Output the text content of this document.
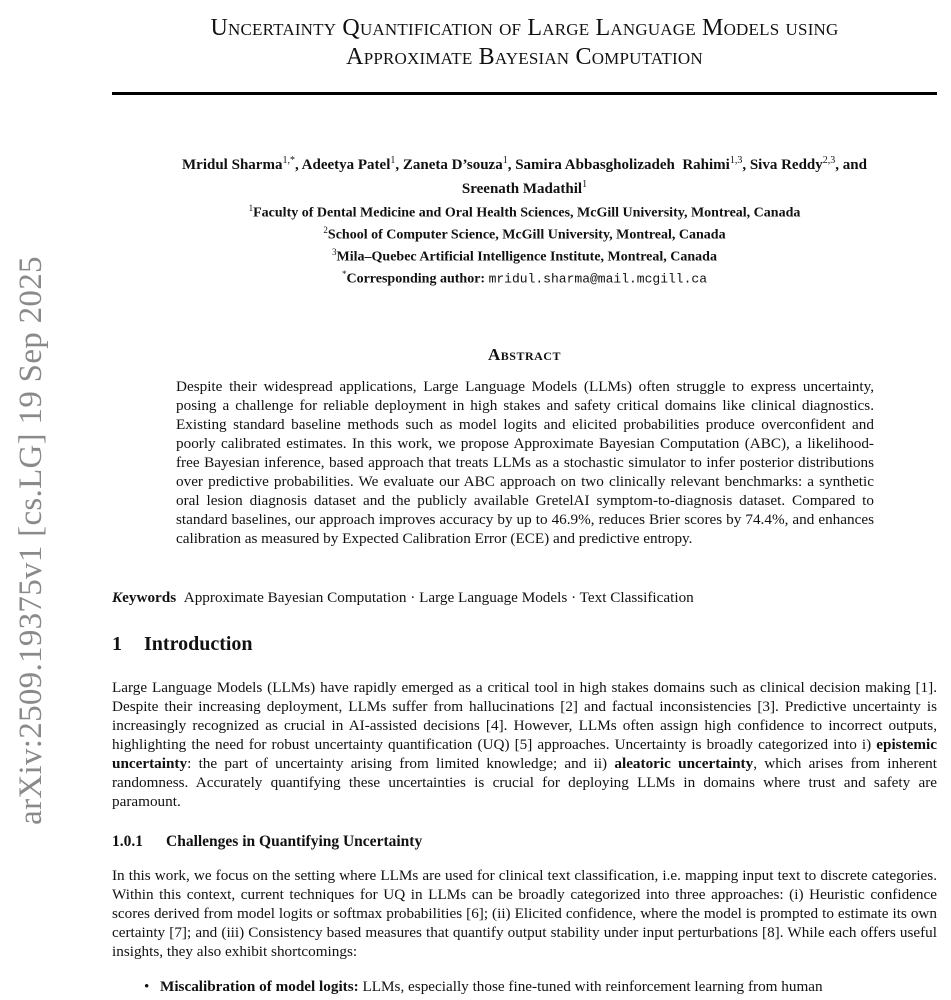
arXiv:2509.19375v1 [cs.LG] 19 Sep 2025
Uncertainty Quantification of Large Language Models using
Approximate Bayesian Computation
Mridul Sharma$^{1,*}$, Adeetya Patel$^1$, Zaneta D’souza$^1$, Samira Abbasgholizadeh  Rahimi$^{1,3}$, Siva Reddy$^{2,3}$, and
Sreenath Madathil$^1$
$^1$Faculty of Dental Medicine and Oral Health Sciences, McGill University, Montreal, Canada
$^2$School of Computer Science, McGill University, Montreal, Canada
$^3$Mila–Quebec Artificial Intelligence Institute, Montreal, Canada
*Corresponding author: mridul.sharma@mail.mcgill.ca
Abstract
Despite their widespread applications, Large Language Models (LLMs) often struggle to express uncertainty, posing a challenge for reliable deployment in high stakes and safety critical domains like clinical diagnostics. Existing standard baseline methods such as model logits and elicited probabilities produce overconfident and poorly calibrated estimates. In this work, we propose Approximate Bayesian Computation (ABC), a likelihood-free Bayesian inference, based approach that treats LLMs as a stochastic simulator to infer posterior distributions over predictive probabilities. We evaluate our ABC approach on two clinically relevant benchmarks: a synthetic oral lesion diagnosis dataset and the publicly available GretelAI symptom-to-diagnosis dataset. Compared to standard baselines, our approach improves accuracy by up to 46.9%, reduces Brier scores by 74.4%, and enhances calibration as measured by Expected Calibration Error (ECE) and predictive entropy.
Keywords Approximate Bayesian Computation · Large Language Models · Text Classification
1 Introduction
Large Language Models (LLMs) have rapidly emerged as a critical tool in high stakes domains such as clinical decision making [1]. Despite their increasing deployment, LLMs suffer from hallucinations [2] and factual inconsistencies [3]. Predictive uncertainty is increasingly recognized as crucial in AI-assisted decisions [4]. However, LLMs often assign high confidence to incorrect outputs, highlighting the need for robust uncertainty quantification (UQ) [5] approaches. Uncertainty is broadly categorized into i) epistemic uncertainty: the part of uncertainty arising from limited knowledge; and ii) aleatoric uncertainty, which arises from inherent randomness. Accurately quantifying these uncertainties is crucial for deploying LLMs in domains where trust and safety are paramount.
1.0.1 Challenges in Quantifying Uncertainty
In this work, we focus on the setting where LLMs are used for clinical text classification, i.e. mapping input text to discrete categories. Within this context, current techniques for UQ in LLMs can be broadly categorized into three approaches: (i) Heuristic confidence scores derived from model logits or softmax probabilities [6]; (ii) Elicited confidence, where the model is prompted to estimate its own certainty [7]; and (iii) Consistency based measures that quantify output stability under input perturbations [8]. While each offers useful insights, they also exhibit shortcomings:
• Miscalibration of model logits: LLMs, especially those fine-tuned with reinforcement learning from human
